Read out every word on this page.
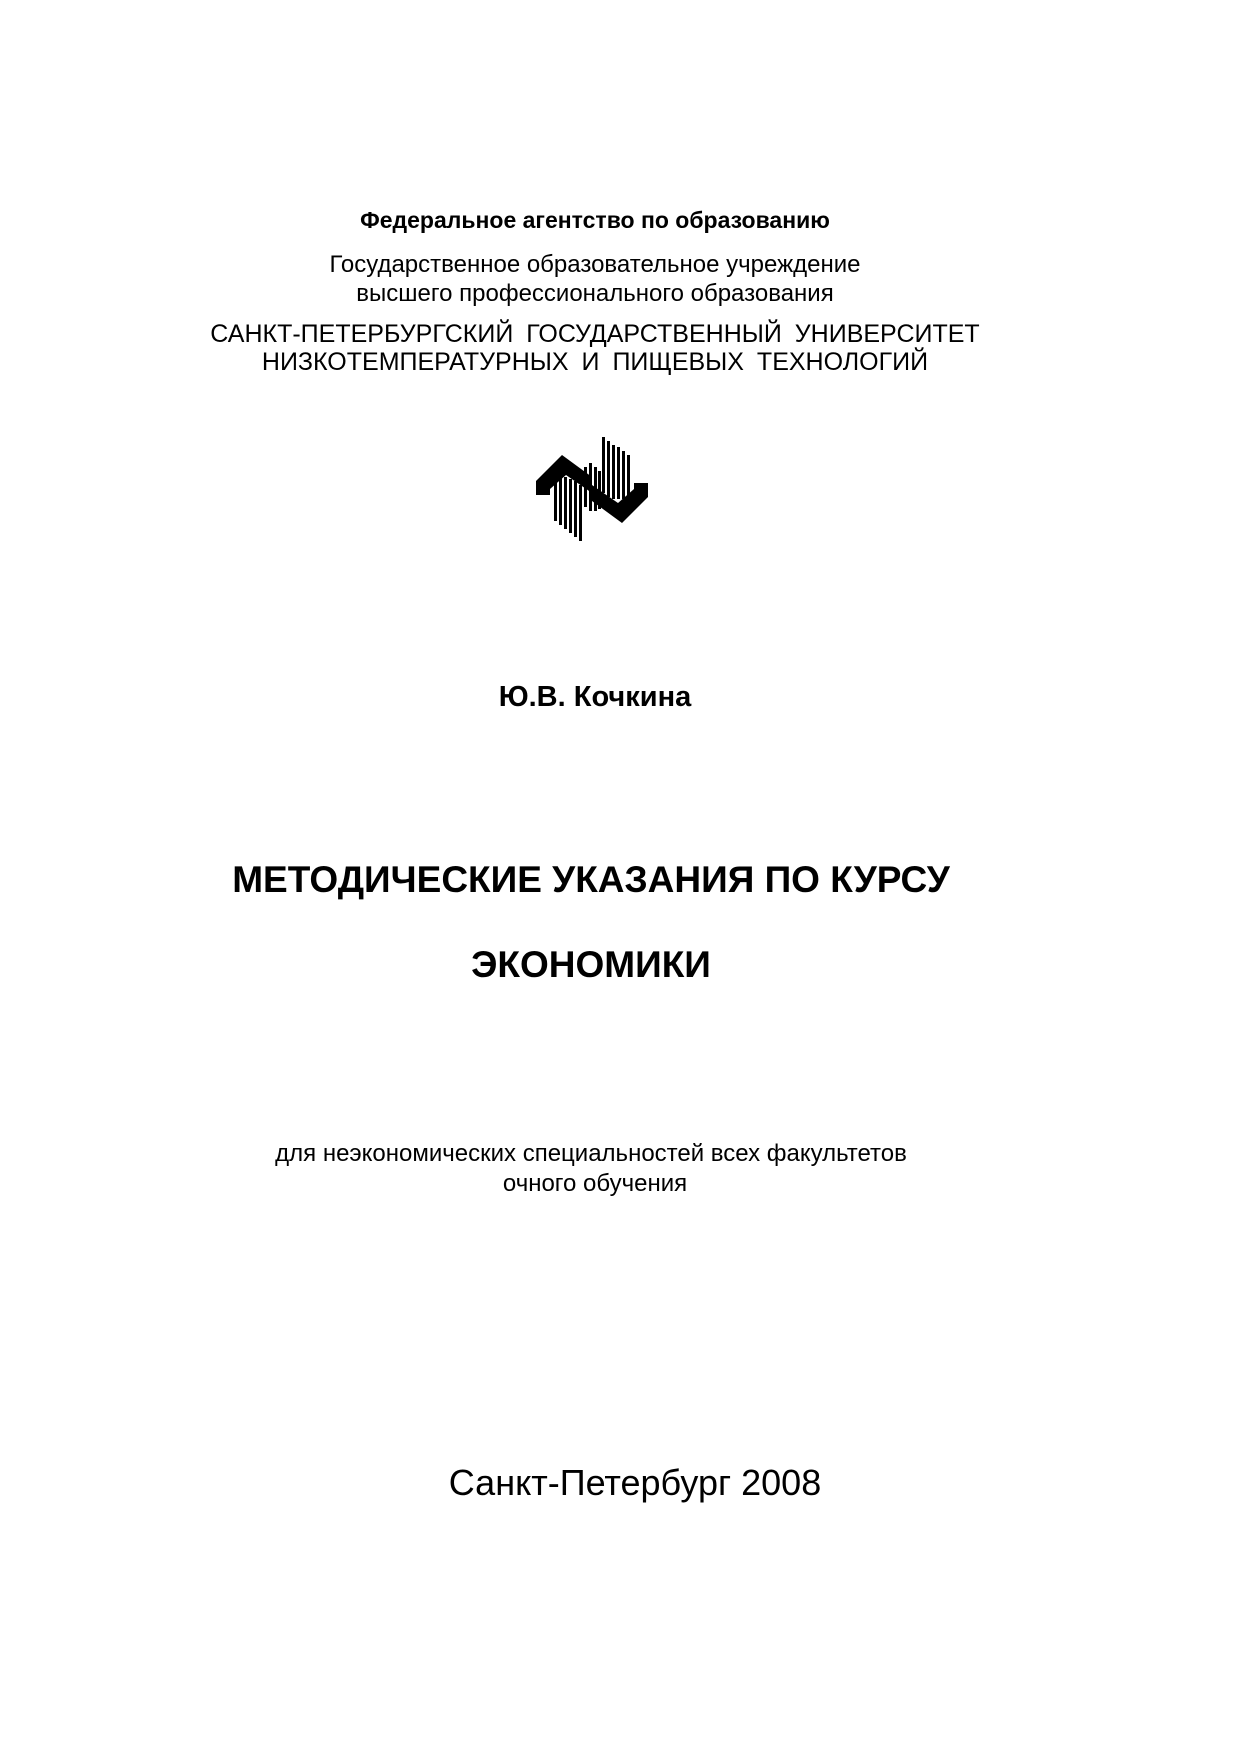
Федеральное агентство по образованию
Государственное образовательное учреждение
высшего профессионального образования
САНКТ-ПЕТЕРБУРГСКИЙ ГОСУДАРСТВЕННЫЙ УНИВЕРСИТЕТ
НИЗКОТЕМПЕРАТУРНЫХ И ПИЩЕВЫХ ТЕХНОЛОГИЙ
Ю.В. Кочкина
МЕТОДИЧЕСКИЕ УКАЗАНИЯ ПО КУРСУ
ЭКОНОМИКИ
для неэкономических специальностей всех факультетов
очного обучения
Санкт-Петербург 2008
